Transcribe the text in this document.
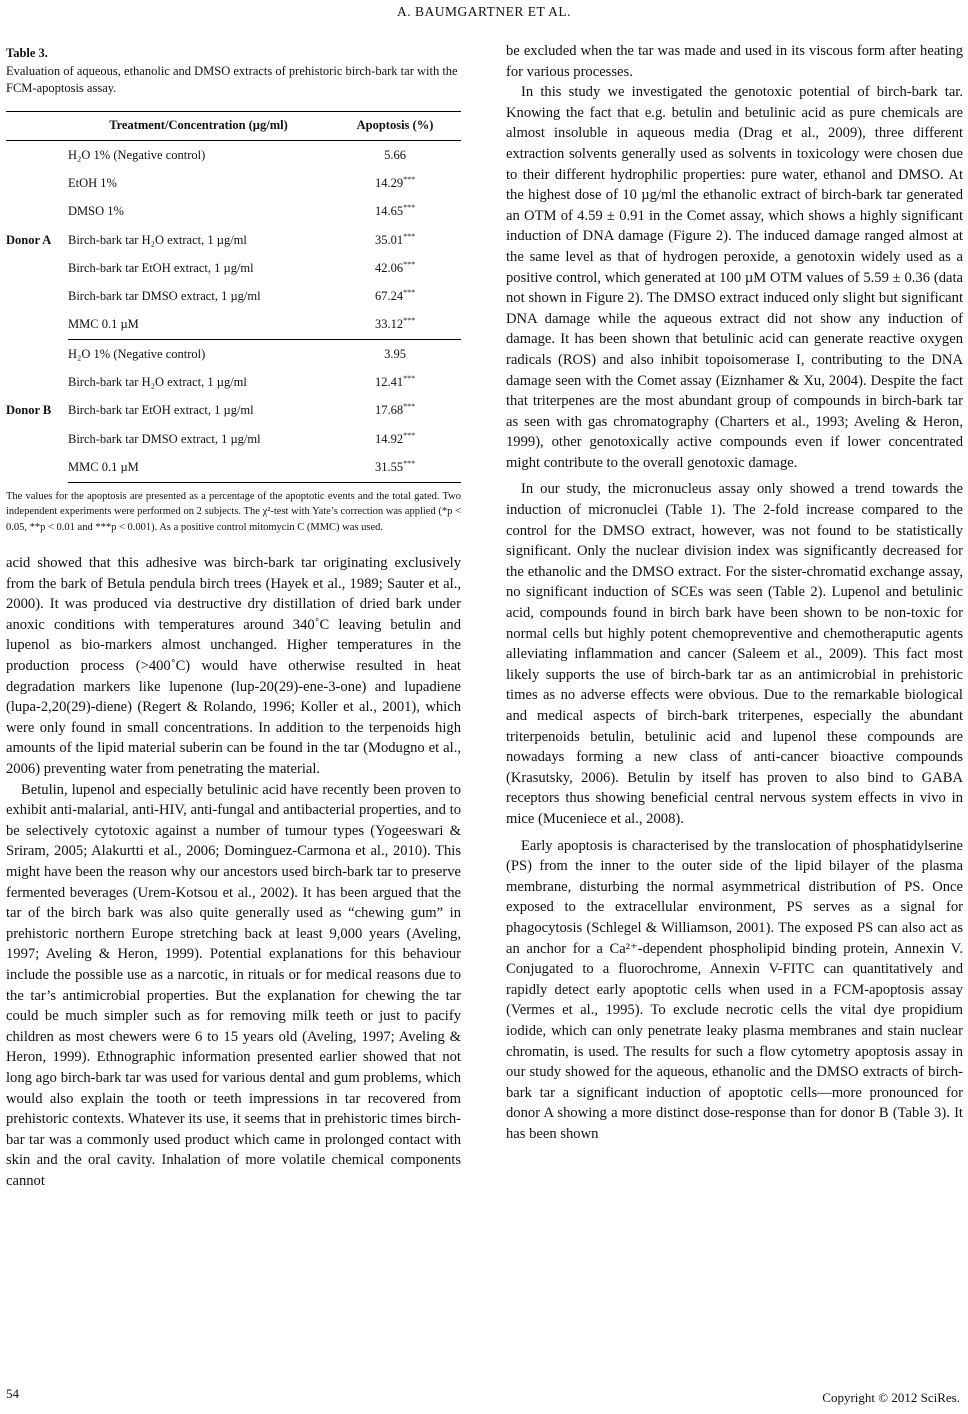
A. BAUMGARTNER ET AL.
Table 3.
Evaluation of aqueous, ethanolic and DMSO extracts of prehistoric birch-bark tar with the FCM-apoptosis assay.
	Treatment/Concentration (µg/ml)	Apoptosis (%)
	H₂O 1% (Negative control)	5.66
	EtOH 1%	14.29***
	DMSO 1%	14.65***
Donor A	Birch-bark tar H₂O extract, 1 µg/ml	35.01***
	Birch-bark tar EtOH extract, 1 µg/ml	42.06***
	Birch-bark tar DMSO extract, 1 µg/ml	67.24***
	MMC 0.1 µM	33.12***
	H₂O 1% (Negative control)	3.95
	Birch-bark tar H₂O extract, 1 µg/ml	12.41***
Donor B	Birch-bark tar EtOH extract, 1 µg/ml	17.68***
	Birch-bark tar DMSO extract, 1 µg/ml	14.92***
	MMC 0.1 µM	31.55***

The values for the apoptosis are presented as a percentage of the apoptotic events and the total gated. Two independent experiments were performed on 2 subjects. The χ²-test with Yate’s correction was applied (*p < 0.05, **p < 0.01 and ***p < 0.001). As a positive control mitomycin C (MMC) was used.

acid showed that this adhesive was birch-bark tar originating exclusively from the bark of Betula pendula birch trees (Hayek et al., 1989; Sauter et al., 2000). It was produced via destructive dry distillation of dried bark under anoxic conditions with temperatures around 340˚C leaving betulin and lupenol as bio-markers almost unchanged. Higher temperatures in the production process (>400˚C) would have otherwise resulted in heat degradation markers like lupenone (lup-20(29)-ene-3-one) and lupadiene (lupa-2,20(29)-diene) (Regert & Rolando, 1996; Koller et al., 2001), which were only found in small concentrations. In addition to the terpenoids high amounts of the lipid material suberin can be found in the tar (Modugno et al., 2006) preventing water from penetrating the material.

Betulin, lupenol and especially betulinic acid have recently been proven to exhibit anti-malarial, anti-HIV, anti-fungal and antibacterial properties, and to be selectively cytotoxic against a number of tumour types (Yogeeswari & Sriram, 2005; Alakurtti et al., 2006; Dominguez-Carmona et al., 2010). This might have been the reason why our ancestors used birch-bark tar to preserve fermented beverages (Urem-Kotsou et al., 2002). It has been argued that the tar of the birch bark was also quite generally used as “chewing gum” in prehistoric northern Europe stretching back at least 9,000 years (Aveling, 1997; Aveling & Heron, 1999). Potential explanations for this behaviour include the possible use as a narcotic, in rituals or for medical reasons due to the tar’s antimicrobial properties. But the explanation for chewing the tar could be much simpler such as for removing milk teeth or just to pacify children as most chewers were 6 to 15 years old (Aveling, 1997; Aveling & Heron, 1999). Ethnographic information presented earlier showed that not long ago birch-bark tar was used for various dental and gum problems, which would also explain the tooth or teeth impressions in tar recovered from prehistoric contexts. Whatever its use, it seems that in prehistoric times birch-bar tar was a commonly used product which came in prolonged contact with skin and the oral cavity. Inhalation of more volatile chemical components cannot

be excluded when the tar was made and used in its viscous form after heating for various processes.

In this study we investigated the genotoxic potential of birch-bark tar. Knowing the fact that e.g. betulin and betulinic acid as pure chemicals are almost insoluble in aqueous media (Drag et al., 2009), three different extraction solvents generally used as solvents in toxicology were chosen due to their different hydrophilic properties: pure water, ethanol and DMSO. At the highest dose of 10 µg/ml the ethanolic extract of birch-bark tar generated an OTM of 4.59 ± 0.91 in the Comet assay, which shows a highly significant induction of DNA damage (Figure 2). The induced damage ranged almost at the same level as that of hydrogen peroxide, a genotoxin widely used as a positive control, which generated at 100 µM OTM values of 5.59 ± 0.36 (data not shown in Figure 2). The DMSO extract induced only slight but significant DNA damage while the aqueous extract did not show any induction of damage. It has been shown that betulinic acid can generate reactive oxygen radicals (ROS) and also inhibit topoisomerase I, contributing to the DNA damage seen with the Comet assay (Eiznhamer & Xu, 2004). Despite the fact that triterpenes are the most abundant group of compounds in birch-bark tar as seen with gas chromatography (Charters et al., 1993; Aveling & Heron, 1999), other genotoxically active compounds even if lower concentrated might contribute to the overall genotoxic damage.

In our study, the micronucleus assay only showed a trend towards the induction of micronuclei (Table 1). The 2-fold increase compared to the control for the DMSO extract, however, was not found to be statistically significant. Only the nuclear division index was significantly decreased for the ethanolic and the DMSO extract. For the sister-chromatid exchange assay, no significant induction of SCEs was seen (Table 2). Lupenol and betulinic acid, compounds found in birch bark have been shown to be non-toxic for normal cells but highly potent chemopreventive and chemotheraputic agents alleviating inflammation and cancer (Saleem et al., 2009). This fact most likely supports the use of birch-bark tar as an antimicrobial in prehistoric times as no adverse effects were obvious. Due to the remarkable biological and medical aspects of birch-bark triterpenes, especially the abundant triterpenoids betulin, betulinic acid and lupenol these compounds are nowadays forming a new class of anti-cancer bioactive compounds (Krasutsky, 2006). Betulin by itself has proven to also bind to GABA receptors thus showing beneficial central nervous system effects in vivo in mice (Muceniece et al., 2008).

Early apoptosis is characterised by the translocation of phosphatidylserine (PS) from the inner to the outer side of the lipid bilayer of the plasma membrane, disturbing the normal asymmetrical distribution of PS. Once exposed to the extracellular environment, PS serves as a signal for phagocytosis (Schlegel & Williamson, 2001). The exposed PS can also act as an anchor for a Ca²⁺-dependent phospholipid binding protein, Annexin V. Conjugated to a fluorochrome, Annexin V-FITC can quantitatively and rapidly detect early apoptotic cells when used in a FCM-apoptosis assay (Vermes et al., 1995). To exclude necrotic cells the vital dye propidium iodide, which can only penetrate leaky plasma membranes and stain nuclear chromatin, is used. The results for such a flow cytometry apoptosis assay in our study showed for the aqueous, ethanolic and the DMSO extracts of birch-bark tar a significant induction of apoptotic cells—more pronounced for donor A showing a more distinct dose-response than for donor B (Table 3). It has been shown

54	Copyright © 2012 SciRes.
